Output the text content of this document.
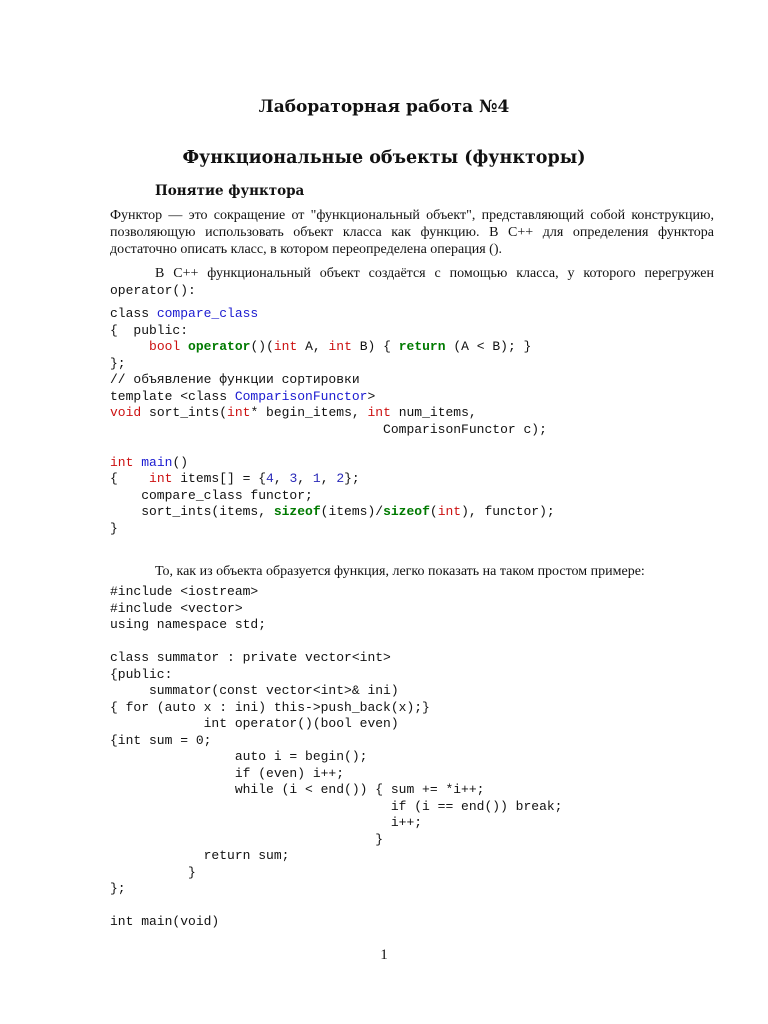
Лабораторная работа №4
Функциональные объекты (функторы)
Понятие функтора

Функтор — это сокращение от "функциональный объект", представляющий собой конструкцию, позволяющую использовать объект класса как функцию. В C++ для определения функтора достаточно описать класс, в котором переопределена операция ().

В C++ функциональный объект создаётся с помощью класса, у которого перегружен operator():

class compare_class
{  public:
bool operator()(int A, int B) { return (A < B); }
};
// объявление функции сортировки
template <class ComparisonFunctor>
void sort_ints(int* begin_items, int num_items,
ComparisonFunctor c);

int main()
{    int items[] = {4, 3, 1, 2};
compare_class functor;
sort_ints(items, sizeof(items)/sizeof(int), functor);
}

То, как из объекта образуется функция, легко показать на таком простом примере:

#include <iostream>
#include <vector>
using namespace std;

class summator : private vector<int>
{public:
summator(const vector<int>& ini)
{ for (auto x : ini) this->push_back(x);}
int operator()(bool even)
{int sum = 0;
auto i = begin();
if (even) i++;
while (i < end()) { sum += *i++;
if (i == end()) break;
i++;
}
return sum;
}
};

int main(void)

1
